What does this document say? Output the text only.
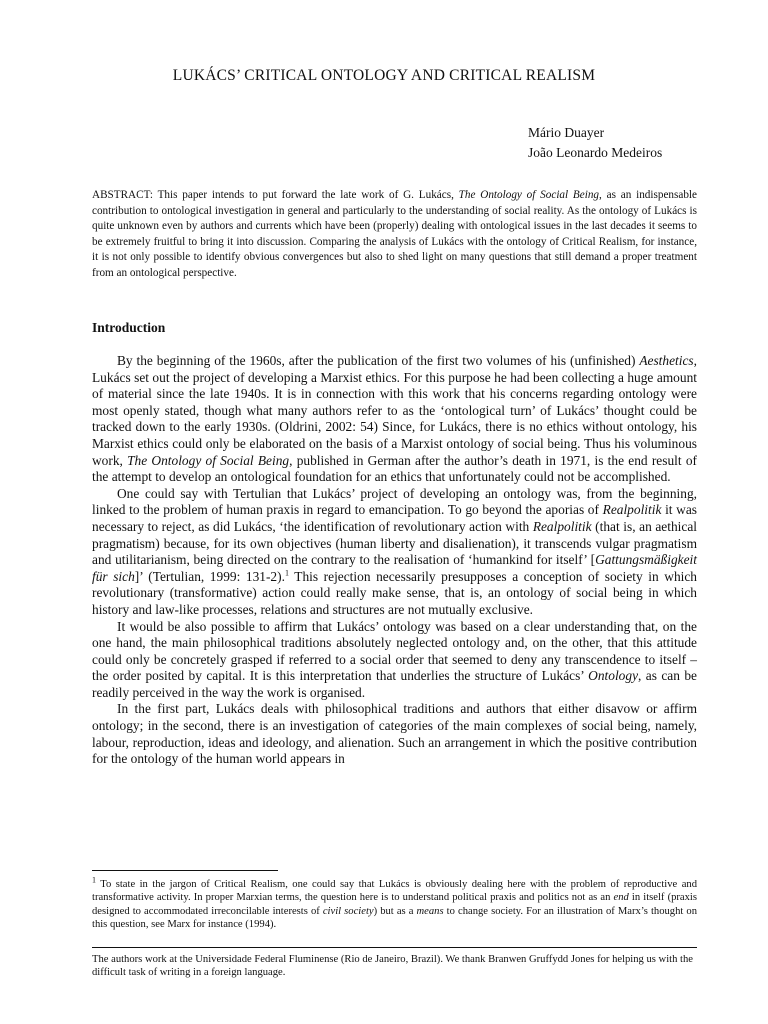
LUKÁCS’ CRITICAL ONTOLOGY AND CRITICAL REALISM
Mário Duayer
João Leonardo Medeiros
ABSTRACT: This paper intends to put forward the late work of G. Lukács, The Ontology of Social Being, as an indispensable contribution to ontological investigation in general and particularly to the understanding of social reality. As the ontology of Lukács is quite unknown even by authors and currents which have been (properly) dealing with ontological issues in the last decades it seems to be extremely fruitful to bring it into discussion. Comparing the analysis of Lukács with the ontology of Critical Realism, for instance, it is not only possible to identify obvious convergences but also to shed light on many questions that still demand a proper treatment from an ontological perspective.
Introduction

By the beginning of the 1960s, after the publication of the first two volumes of his (unfinished) Aesthetics, Lukács set out the project of developing a Marxist ethics. For this purpose he had been collecting a huge amount of material since the late 1940s. It is in connection with this work that his concerns regarding ontology were most openly stated, though what many authors refer to as the ‘ontological turn’ of Lukács’ thought could be tracked down to the early 1930s. (Oldrini, 2002: 54) Since, for Lukács, there is no ethics without ontology, his Marxist ethics could only be elaborated on the basis of a Marxist ontology of social being. Thus his voluminous work, The Ontology of Social Being, published in German after the author’s death in 1971, is the end result of the attempt to develop an ontological foundation for an ethics that unfortunately could not be accomplished.

One could say with Tertulian that Lukács’ project of developing an ontology was, from the beginning, linked to the problem of human praxis in regard to emancipation. To go beyond the aporias of Realpolitik it was necessary to reject, as did Lukács, ‘the identification of revolutionary action with Realpolitik (that is, an aethical pragmatism) because, for its own objectives (human liberty and disalienation), it transcends vulgar pragmatism and utilitarianism, being directed on the contrary to the realisation of ‘humankind for itself’ [Gattungsmäßigkeit für sich]’ (Tertulian, 1999: 131-2).$^1$ This rejection necessarily presupposes a conception of society in which revolutionary (transformative) action could really make sense, that is, an ontology of social being in which history and law-like processes, relations and structures are not mutually exclusive.

It would be also possible to affirm that Lukács’ ontology was based on a clear understanding that, on the one hand, the main philosophical traditions absolutely neglected ontology and, on the other, that this attitude could only be concretely grasped if referred to a social order that seemed to deny any transcendence to itself – the order posited by capital. It is this interpretation that underlies the structure of Lukács’ Ontology, as can be readily perceived in the way the work is organised.

In the first part, Lukács deals with philosophical traditions and authors that either disavow or affirm ontology; in the second, there is an investigation of categories of the main complexes of social being, namely, labour, reproduction, ideas and ideology, and alienation. Such an arrangement in which the positive contribution for the ontology of the human world appears in

$^1$ To state in the jargon of Critical Realism, one could say that Lukács is obviously dealing here with the problem of reproductive and transformative activity. In proper Marxian terms, the question here is to understand political praxis and politics not as an end in itself (praxis designed to accommodated irreconcilable interests of civil society) but as a means to change society. For an illustration of Marx’s thought on this question, see Marx for instance (1994).
The authors work at the Universidade Federal Fluminense (Rio de Janeiro, Brazil). We thank Branwen Gruffydd Jones for helping us with the difficult task of writing in a foreign language.
